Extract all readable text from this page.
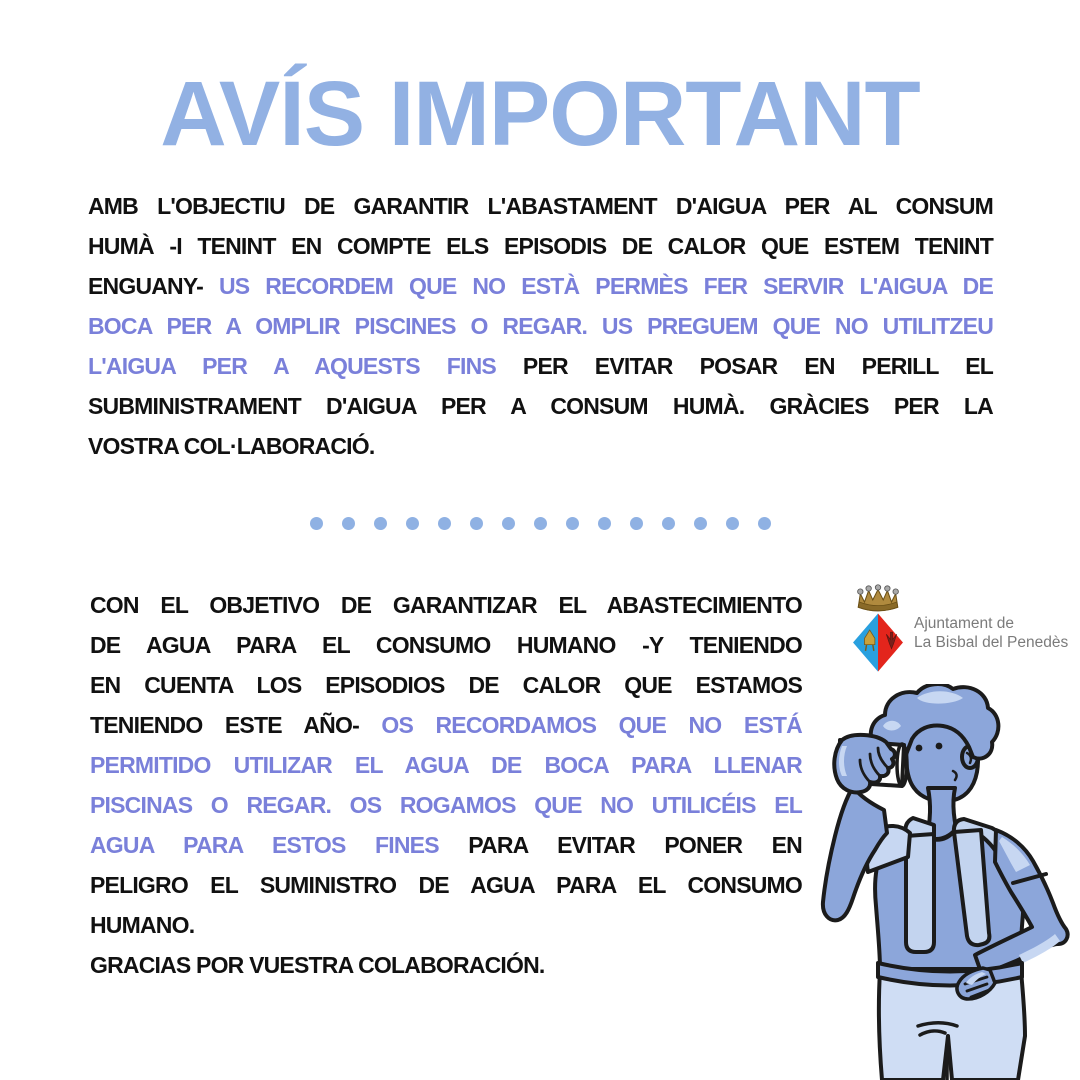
AVÍS IMPORTANT
AMB L'OBJECTIU DE GARANTIR L'ABASTAMENT D'AIGUA PER AL CONSUM
HUMÀ -I TENINT EN COMPTE ELS EPISODIS DE CALOR QUE ESTEM TENINT
ENGUANY- US RECORDEM QUE NO ESTÀ PERMÈS FER SERVIR L'AIGUA DE
BOCA PER A OMPLIR PISCINES O REGAR. US PREGUEM QUE NO UTILITZEU
L'AIGUA PER A AQUESTS FINS PER EVITAR POSAR EN PERILL EL
SUBMINISTRAMENT D'AIGUA PER A CONSUM HUMÀ. GRÀCIES PER LA
VOSTRA COL·LABORACIÓ.
CON EL OBJETIVO DE GARANTIZAR EL ABASTECIMIENTO
DE AGUA PARA EL CONSUMO HUMANO -Y TENIENDO
EN CUENTA LOS EPISODIOS DE CALOR QUE ESTAMOS
TENIENDO ESTE AÑO- OS RECORDAMOS QUE NO ESTÁ
PERMITIDO UTILIZAR EL AGUA DE BOCA PARA LLENAR
PISCINAS O REGAR. OS ROGAMOS QUE NO UTILICÉIS EL
AGUA PARA ESTOS FINES PARA EVITAR PONER EN
PELIGRO EL SUMINISTRO DE AGUA PARA EL CONSUMO
HUMANO.
GRACIAS POR VUESTRA COLABORACIÓN.
Ajuntament de
La Bisbal del Penedès
